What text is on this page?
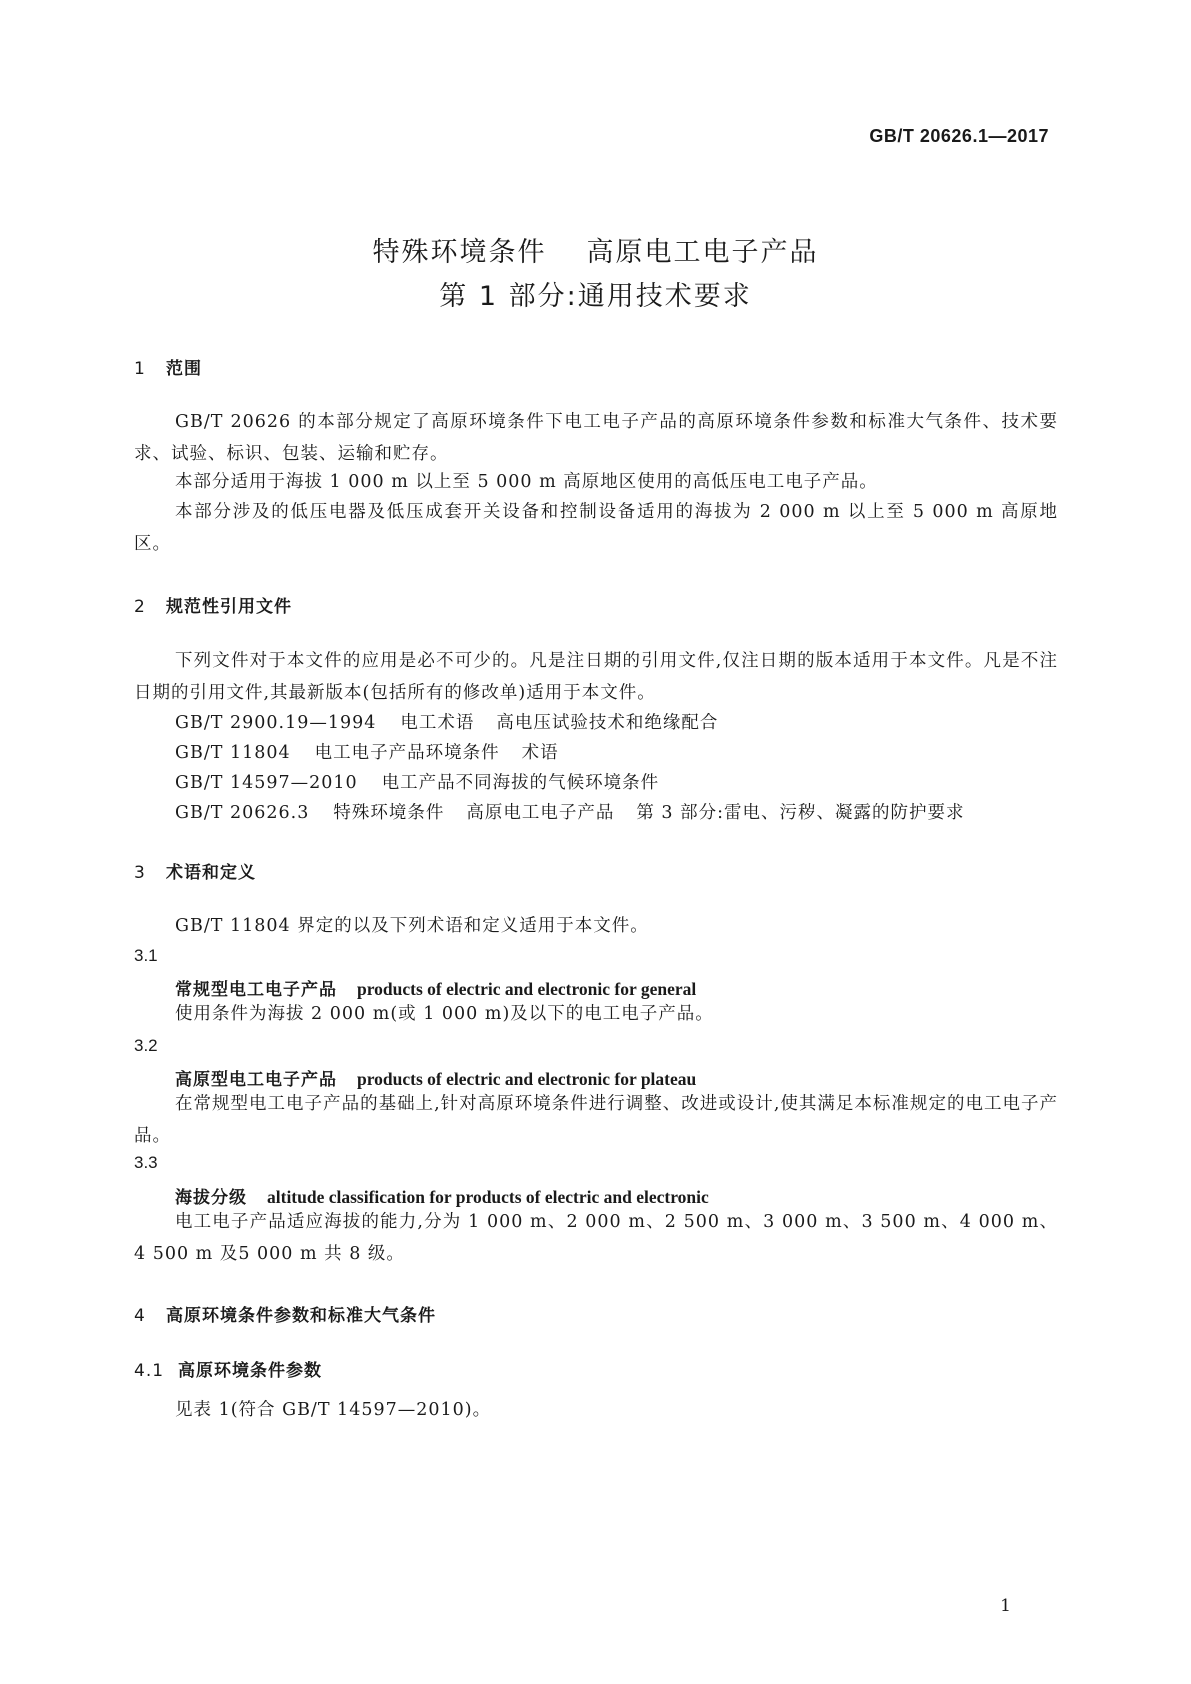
GB/T 20626.1—2017
特殊环境条件 高原电工电子产品
第 1 部分:通用技术要求
1 范围
GB/T 20626 的本部分规定了高原环境条件下电工电子产品的高原环境条件参数和标准大气条件、技术要求、试验、标识、包装、运输和贮存。
本部分适用于海拔 1 000 m 以上至 5 000 m 高原地区使用的高低压电工电子产品。
本部分涉及的低压电器及低压成套开关设备和控制设备适用的海拔为 2 000 m 以上至 5 000 m 高原地区。
2 规范性引用文件
下列文件对于本文件的应用是必不可少的。凡是注日期的引用文件,仅注日期的版本适用于本文件。凡是不注日期的引用文件,其最新版本(包括所有的修改单)适用于本文件。
GB/T 2900.19—1994 电工术语 高电压试验技术和绝缘配合
GB/T 11804 电工电子产品环境条件 术语
GB/T 14597—2010 电工产品不同海拔的气候环境条件
GB/T 20626.3 特殊环境条件 高原电工电子产品 第 3 部分:雷电、污秽、凝露的防护要求
3 术语和定义
GB/T 11804 界定的以及下列术语和定义适用于本文件。
3.1
常规型电工电子产品 products of electric and electronic for general
使用条件为海拔 2 000 m(或 1 000 m)及以下的电工电子产品。
3.2
高原型电工电子产品 products of electric and electronic for plateau
在常规型电工电子产品的基础上,针对高原环境条件进行调整、改进或设计,使其满足本标准规定的电工电子产品。
3.3
海拔分级 altitude classification for products of electric and electronic
电工电子产品适应海拔的能力,分为 1 000 m、2 000 m、2 500 m、3 000 m、3 500 m、4 000 m、4 500 m 及5 000 m 共 8 级。
4 高原环境条件参数和标准大气条件
4.1 高原环境条件参数
见表 1(符合 GB/T 14597—2010)。
1
